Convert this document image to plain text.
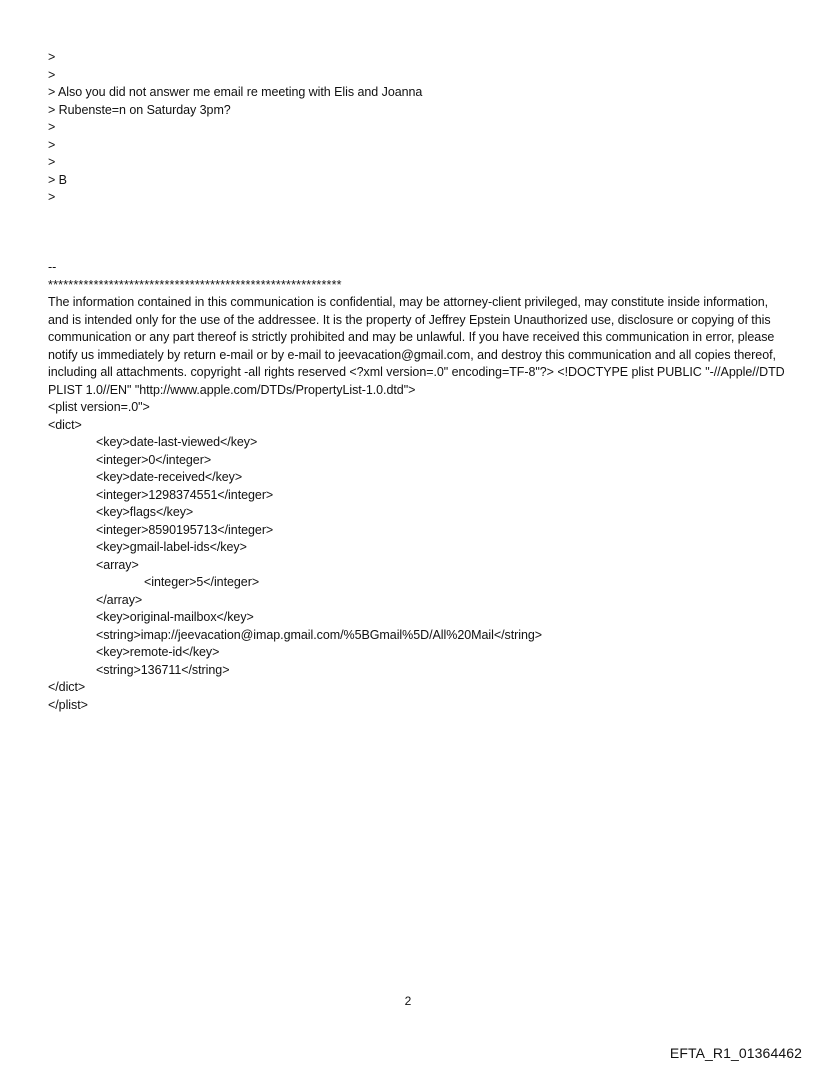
>
>
> Also you did not answer me email re meeting with Elis and Joanna
> Rubenste=n on Saturday 3pm?
>
>
>
> B
>
--
**********************************************************
The information contained in this communication is confidential, may be attorney-client privileged, may constitute inside information, and is intended only for the use of the addressee. It is the property of Jeffrey Epstein Unauthorized use, disclosure or copying of this communication or any part thereof is strictly prohibited and may be unlawful. If you have received this communication in error, please notify us immediately by return e-mail or by e-mail to jeevacation@gmail.com, and destroy this communication and all copies thereof, including all attachments. copyright -all rights reserved <?xml version=.0" encoding=TF-8"?> <!DOCTYPE plist PUBLIC "-//Apple//DTD PLIST 1.0//EN" "http://www.apple.com/DTDs/PropertyList-1.0.dtd">
<plist version=.0">
<dict>
<key>date-last-viewed</key>
<integer>0</integer>
<key>date-received</key>
<integer>1298374551</integer>
<key>flags</key>
<integer>8590195713</integer>
<key>gmail-label-ids</key>
<array>
<integer>5</integer>
</array>
<key>original-mailbox</key>
<string>imap://jeevacation@imap.gmail.com/%5BGmail%5D/All%20Mail</string>
<key>remote-id</key>
<string>136711</string>
</dict>
</plist>
2
EFTA_R1_01364462
